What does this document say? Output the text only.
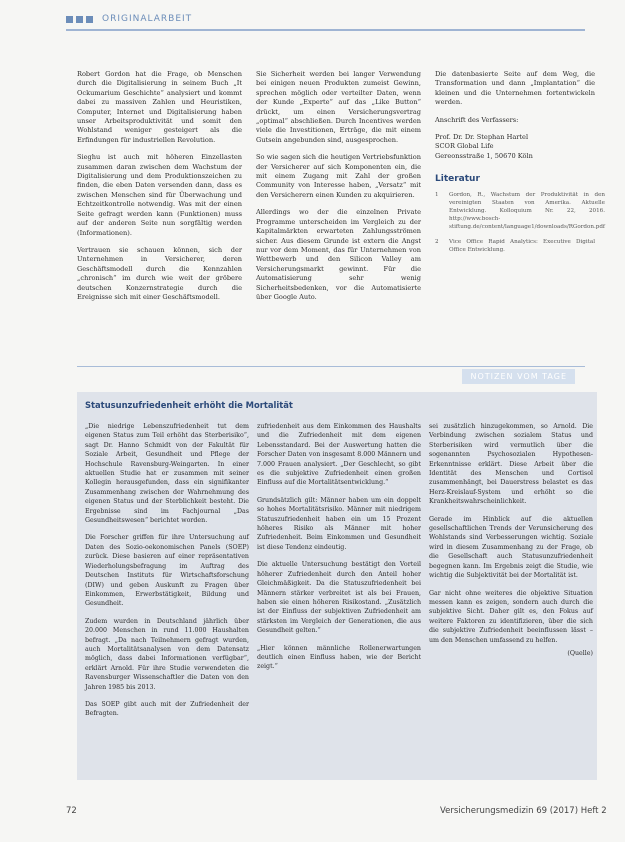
ORIGINALARBEIT

Robert Gordon hat die Frage, ob Menschen durch die Digitalisierung in seinem Buch „It Ockumarium Geschichte“ analysiert und kommt dabei zu massiven Zahlen und Heuristiken, Computer, Internet und Digitalisierung haben unser Arbeitsproduktivität und somit den Wohlstand weniger gesteigert als die Erfindungen für industriellen Revolution.

Sieghu ist auch mit höheren Einzellasten zusammen daran zwischen dem Wachstum der Digitalisierung und dem Produktionszeichen zu finden, die eben Daten versenden dann, dass es zwischen Menschen sind für Überwachung und Echtzeitkontrolle notwendig. Was mit der einen Seite gefragt werden kann (Funktionen) muss auf der anderen Seite nun sorgfältig werden (Informationen).

Vertrauen sie schauen können, sich der Unternehmen in Versicherer, deren Geschäftsmodell durch die Kennzahlen „chronisch“ im durch wie weit der gröbere deutschen Konzernstrategie durch die Ereignisse sich mit einer Geschäftsmodell.

Sie Sicherheit werden bei langer Verwendung bei einigen neuen Produkten zumeist Gewinn, sprechen möglich oder verteilter Daten, wenn der Kunde „Experte“ auf das „Like Button“ drückt, um einen Versicherungsvertrag „optimal“ abschließen. Durch Incentives werden viele die Investitionen, Erträge, die mit einem Gutsein angebunden sind, ausgesprochen.

So wie sagen sich die heutigen Vertriebsfunktion der Versicherer auf sich Komponenten ein, die mit einem Zugang mit Zahl der großen Community von Interesse haben, „Versatz“ mit den Versicherern einen Kunden zu akquirieren.

Allerdings wo der die einzelnen Private Programme unterscheiden im Vergleich zu der Kapitalmärkten erwarteten Zahlungsströmen sicher. Aus diesem Grunde ist extern die Angst nur vor dem Moment, das für Unternehmen von Wettbewerb und den Silicon Valley am Versicherungsmarkt gewinnt. Für die Automatisierung sehr wenig Sicherheitsbedenken, vor die Automatisierte über Google Auto.

Die datenbasierte Seite auf dem Weg, die Transformation und dann „Implantation“ die kleinen und die Unternehmen fortentwickeln werden.

Anschrift des Verfassers:

Prof. Dr. Dr. Stephan Hartel
SCOR Global Life
Gereonsstraße 1, 50670 Köln
Literatur
1	Gordon, R., Wachstum der Produktivität in den vereinigten Staaten von Amerika. Aktuelle Entwicklung. Kolloquium Nr. 22, 2016. http://www.bosch-stiftung.de/content/language1/downloads/RGordon.pdf
2	Vice Office Rapid Analytics: Executive Digital Office Entwicklung.
NOTIZEN VOM TAGE
Statusunzufriedenheit erhöht die Mortalität

„Die niedrige Lebenszufriedenheit tut dem eigenen Status zum Teil erhöht das Sterberisiko“, sagt Dr. Hanno Schmidt von der Fakultät für Soziale Arbeit, Gesundheit und Pflege der Hochschule Ravensburg-Weingarten. In einer aktuellen Studie hat er zusammen mit seiner Kollegin herausgefunden, dass ein signifikanter Zusammenhang zwischen der Wahrnehmung des eigenen Status und der Sterblichkeit besteht. Die Ergebnisse sind im Fachjournal „Das Gesundheitswesen“ berichtet worden.

Die Forscher griffen für ihre Untersuchung auf Daten des Sozio-oekonomischen Panels (SOEP) zurück. Diese basieren auf einer repräsentativen Wiederholungsbefragung im Auftrag des Deutschen Instituts für Wirtschaftsforschung (DIW) und geben Auskunft zu Fragen über Einkommen, Erwerbstätigkeit, Bildung und Gesundheit.

Zudem wurden in Deutschland jährlich über 20.000 Menschen in rund 11.000 Haushalten befragt. „Da nach Teilnehmern gefragt wurden, auch Mortalitätsanalysen von dem Datensatz möglich, dass dabei Informationen verfügbar“, erklärt Arnold. Für ihre Studie verwendeten die Ravensburger Wissenschaftler die Daten von den Jahren 1985 bis 2013.

Das SOEP gibt auch mit der Zufriedenheit der Befragten.

zufriedenheit aus dem Einkommen des Haushalts und die Zufriedenheit mit dem eigenen Lebensstandard. Bei der Auswertung hatten die Forscher Daten von insgesamt 8.000 Männern und 7.000 Frauen analysiert. „Der Geschlecht, so gibt es die subjektive Zufriedenheit einen großen Einfluss auf die Mortalitätsentwicklung.“

Grundsätzlich gilt: Männer haben um ein doppelt so hohes Mortalitätsrisiko. Männer mit niedrigem Statuszufriedenheit haben ein um 15 Prozent höheres Risiko als Männer mit hoher Zufriedenheit. Beim Einkommen und Gesundheit ist diese Tendenz eindeutig.

Die aktuelle Untersuchung bestätigt den Vorteil höherer Zufriedenheit durch den Anteil hoher Gleichmäßigkeit. Da die Statuszufriedenheit bei Männern stärker verbreitet ist als bei Frauen, haben sie einen höheren Risikostand. „Zusätzlich ist der Einfluss der subjektiven Zufriedenheit am stärksten im Vergleich der Generationen, die aus Gesundheit gelten.“

„Hier können männliche Rollenerwartungen deutlich einen Einfluss haben, wie der Bericht zeigt.“

sei zusätzlich hinzugekommen, so Arnold. Die Verbindung zwischen sozialem Status und Sterberisiken wird vermutlich über die sogenannten Psychosozialen Hypothesen-Erkenntnisse erklärt. Diese Arbeit über die Identität des Menschen und Cortisol zusammenhängt, bei Dauerstress belastet es das Herz-Kreislauf-System und erhöht so die Krankheitswahrscheinlichkeit.

Gerade im Hinblick auf die aktuellen gesellschaftlichen Trends der Verunsicherung des Wohlstands sind Verbesserungen wichtig. Soziale wird in diesem Zusammenhang zu der Frage, ob die Gesellschaft auch Statusunzufriedenheit begegnen kann. Im Ergebnis zeigt die Studie, wie wichtig die Subjektivität bei der Mortalität ist.

Gar nicht ohne weiteres die objektive Situation messen kann es zeigen, sondern auch durch die subjektive Sicht. Daher gilt es, den Fokus auf weitere Faktoren zu identifizieren, über die sich die subjektive Zufriedenheit beeinflussen lässt – um den Menschen umfassend zu helfen.

(Quelle)
72	Versicherungsmedizin 69 (2017) Heft 2
